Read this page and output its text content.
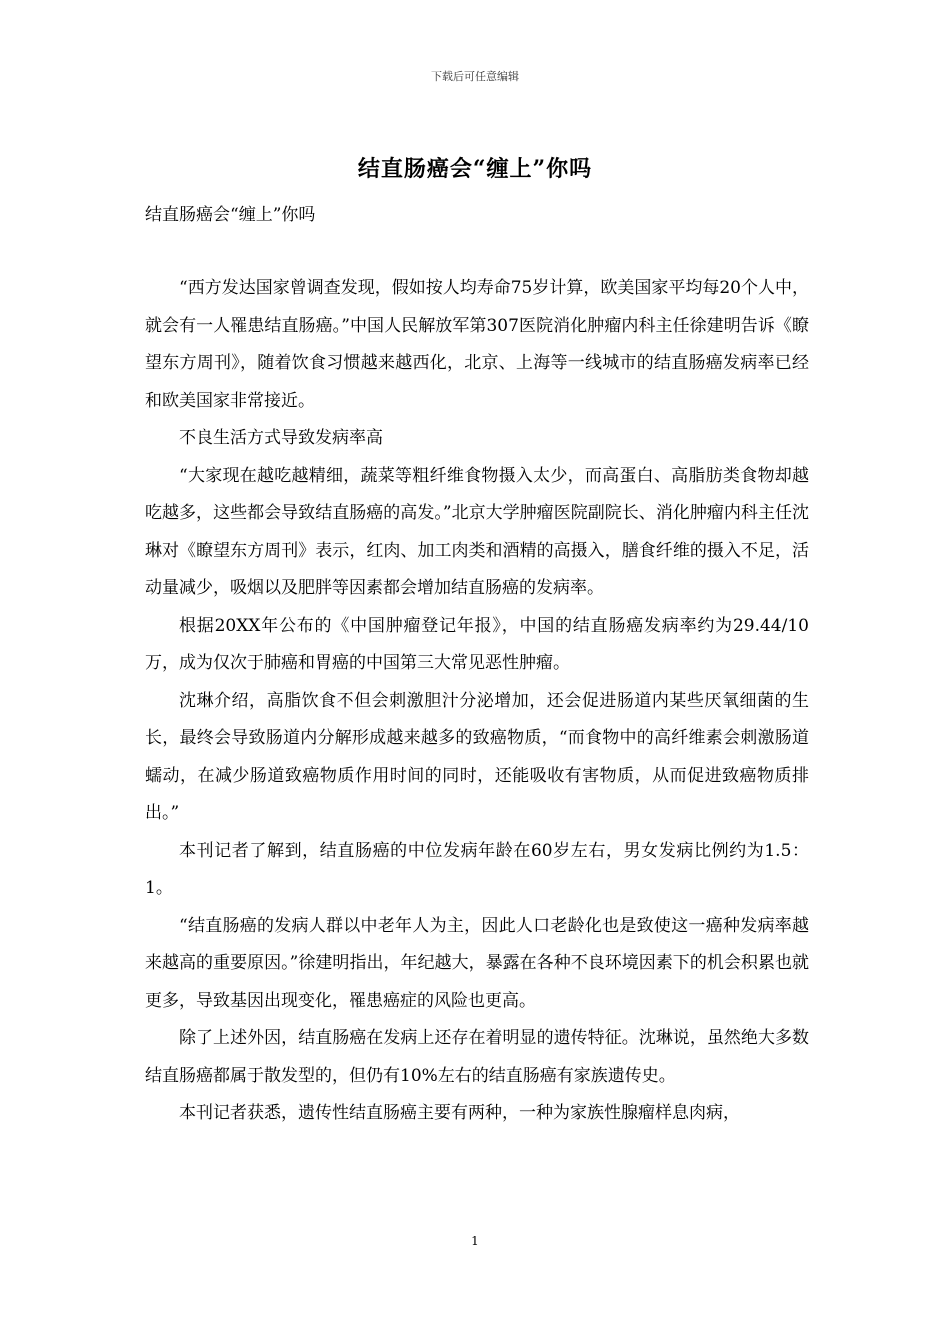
下载后可任意编辑
结直肠癌会“缠上”你吗
结直肠癌会“缠上”你吗

“西方发达国家曾调查发现，假如按人均寿命75岁计算，欧美国家平均每20个人中，就会有一人罹患结直肠癌。”中国人民解放军第307医院消化肿瘤内科主任徐建明告诉《瞭望东方周刊》，随着饮食习惯越来越西化，北京、上海等一线城市的结直肠癌发病率已经和欧美国家非常接近。

不良生活方式导致发病率高

“大家现在越吃越精细，蔬菜等粗纤维食物摄入太少，而高蛋白、高脂肪类食物却越吃越多，这些都会导致结直肠癌的高发。”北京大学肿瘤医院副院长、消化肿瘤内科主任沈琳对《瞭望东方周刊》表示，红肉、加工肉类和酒精的高摄入，膳食纤维的摄入不足，活动量减少，吸烟以及肥胖等因素都会增加结直肠癌的发病率。

根据20XX年公布的《中国肿瘤登记年报》，中国的结直肠癌发病率约为29.44/10万，成为仅次于肺癌和胃癌的中国第三大常见恶性肿瘤。

沈琳介绍，高脂饮食不但会刺激胆汁分泌增加，还会促进肠道内某些厌氧细菌的生长，最终会导致肠道内分解形成越来越多的致癌物质，“而食物中的高纤维素会刺激肠道蠕动，在减少肠道致癌物质作用时间的同时，还能吸收有害物质，从而促进致癌物质排出。”

本刊记者了解到，结直肠癌的中位发病年龄在60岁左右，男女发病比例约为1.5：1。

“结直肠癌的发病人群以中老年人为主，因此人口老龄化也是致使这一癌种发病率越来越高的重要原因。”徐建明指出，年纪越大，暴露在各种不良环境因素下的机会积累也就更多，导致基因出现变化，罹患癌症的风险也更高。

除了上述外因，结直肠癌在发病上还存在着明显的遗传特征。沈琳说，虽然绝大多数结直肠癌都属于散发型的，但仍有10%左右的结直肠癌有家族遗传史。

本刊记者获悉，遗传性结直肠癌主要有两种，一种为家族性腺瘤样息肉病，

1
